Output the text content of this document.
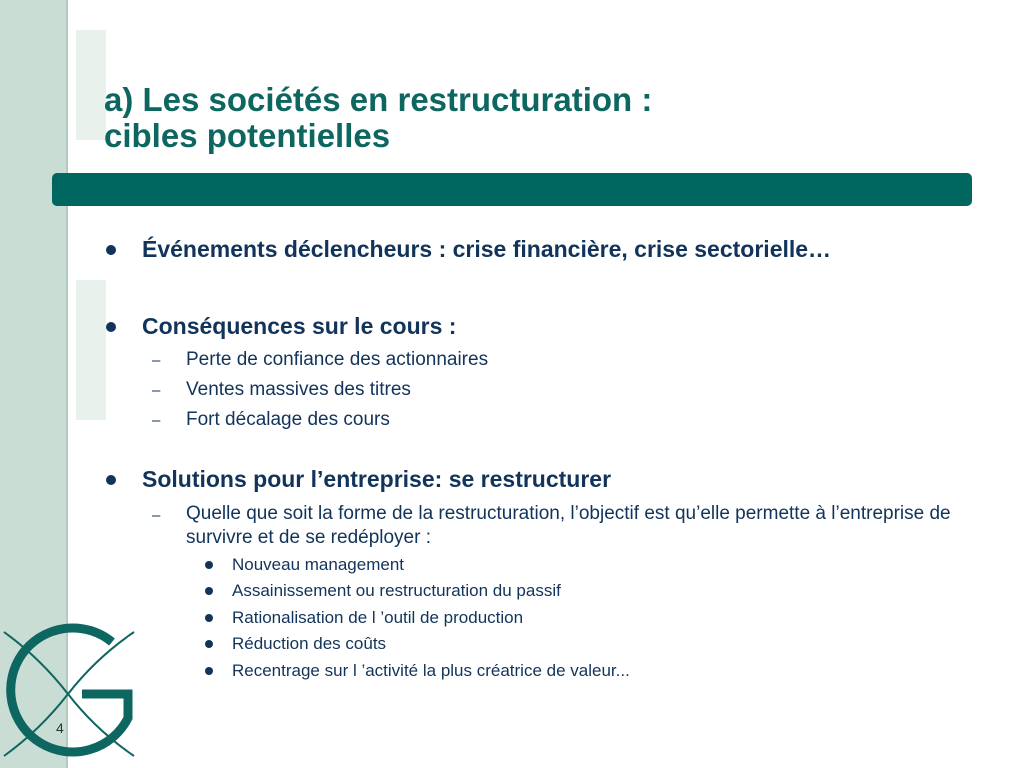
4
a) Les sociétés en restructuration :
cibles potentielles
Événements déclencheurs : crise financière, crise sectorielle…
Conséquences sur le cours :
– Perte de confiance des actionnaires
– Ventes massives des titres
– Fort décalage des cours
Solutions pour l’entreprise: se restructurer
– Quelle que soit la forme de la restructuration, l’objectif est qu’elle permette à l’entreprise de survivre et de se redéployer :
Nouveau management
Assainissement ou restructuration du passif
Rationalisation de l ’outil de production
Réduction des coûts
Recentrage sur l ’activité la plus créatrice de valeur...
